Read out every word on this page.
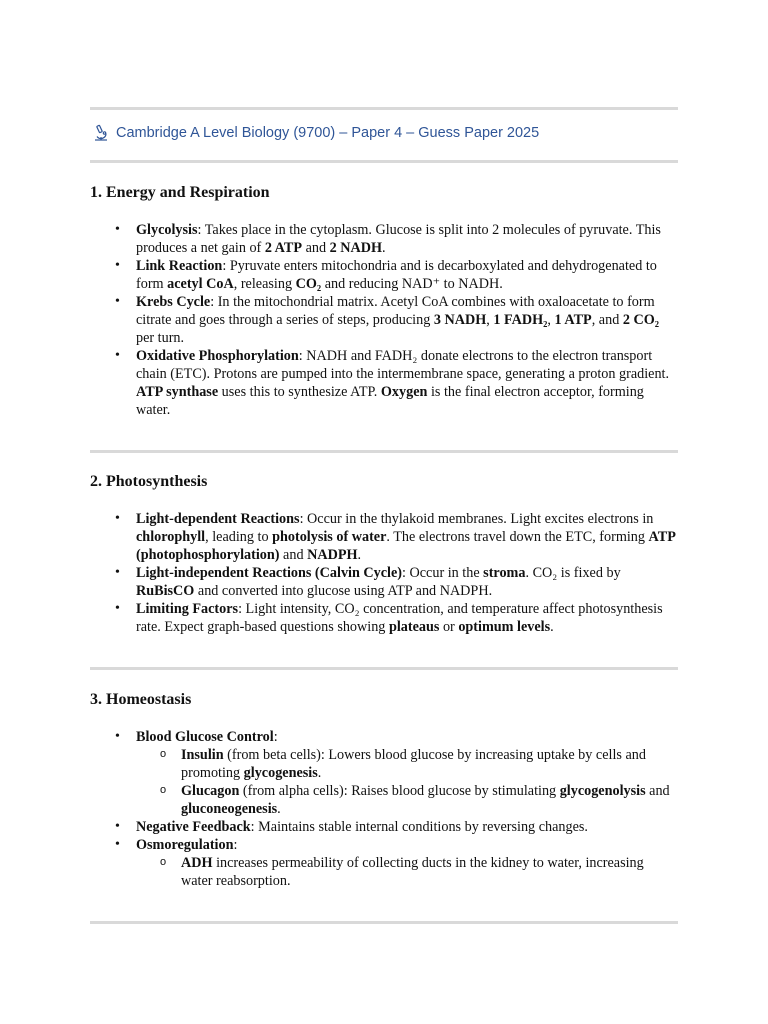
Cambridge A Level Biology (9700) – Paper 4 – Guess Paper 2025
1. Energy and Respiration
• Glycolysis: Takes place in the cytoplasm. Glucose is split into 2 molecules of pyruvate. This produces a net gain of 2 ATP and 2 NADH.
• Link Reaction: Pyruvate enters mitochondria and is decarboxylated and dehydrogenated to form acetyl CoA, releasing CO₂ and reducing NAD⁺ to NADH.
• Krebs Cycle: In the mitochondrial matrix. Acetyl CoA combines with oxaloacetate to form citrate and goes through a series of steps, producing 3 NADH, 1 FADH₂, 1 ATP, and 2 CO₂ per turn.
• Oxidative Phosphorylation: NADH and FADH₂ donate electrons to the electron transport chain (ETC). Protons are pumped into the intermembrane space, generating a proton gradient. ATP synthase uses this to synthesize ATP. Oxygen is the final electron acceptor, forming water.
2. Photosynthesis
• Light-dependent Reactions: Occur in the thylakoid membranes. Light excites electrons in chlorophyll, leading to photolysis of water. The electrons travel down the ETC, forming ATP (photophosphorylation) and NADPH.
• Light-independent Reactions (Calvin Cycle): Occur in the stroma. CO₂ is fixed by RuBisCO and converted into glucose using ATP and NADPH.
• Limiting Factors: Light intensity, CO₂ concentration, and temperature affect photosynthesis rate. Expect graph-based questions showing plateaus or optimum levels.
3. Homeostasis
• Blood Glucose Control:
o Insulin (from beta cells): Lowers blood glucose by increasing uptake by cells and promoting glycogenesis.
o Glucagon (from alpha cells): Raises blood glucose by stimulating glycogenolysis and gluconeogenesis.
• Negative Feedback: Maintains stable internal conditions by reversing changes.
• Osmoregulation:
o ADH increases permeability of collecting ducts in the kidney to water, increasing water reabsorption.
